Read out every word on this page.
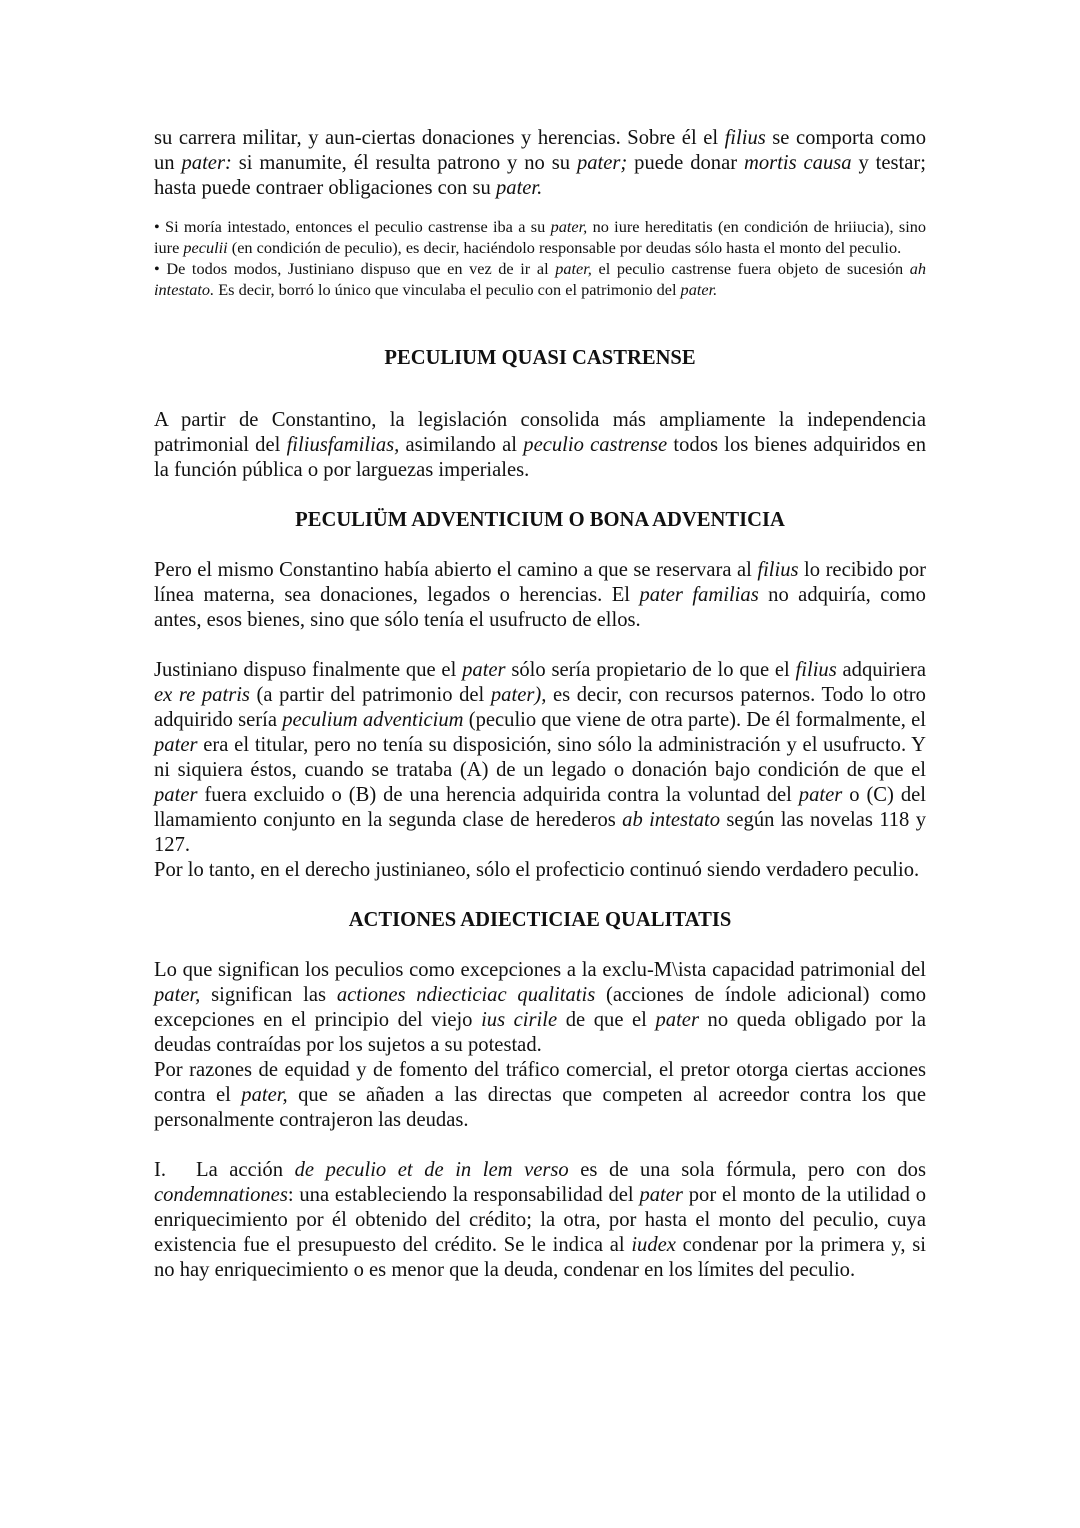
su carrera militar, y aun-ciertas donaciones y herencias. Sobre él el filius se comporta como un pater: si manumite, él resulta patrono y no su pater; puede donar mortis causa y testar; hasta puede contraer obligaciones con su pater.

• Si moría intestado, entonces el peculio castrense iba a su pater, no iure hereditatis (en condición de hriiucia), sino iure peculii (en condición de peculio), es decir, haciéndolo responsable por deudas sólo hasta el monto del peculio.

• De todos modos, Justiniano dispuso que en vez de ir al pater, el peculio castrense fuera objeto de sucesión ah intestato. Es decir, borró lo único que vinculaba el peculio con el patrimonio del pater.

PECULIUM QUASI CASTRENSE

A partir de Constantino, la legislación consolida más ampliamente la independencia patrimonial del filiusfamilias, asimilando al peculio castrense todos los bienes adquiridos en la función pública o por larguezas imperiales.

PECULIÜM ADVENTICIUM O BONA ADVENTICIA

Pero el mismo Constantino había abierto el camino a que se reservara al filius lo recibido por línea materna, sea donaciones, legados o herencias. El pater familias no adquiría, como antes, esos bienes, sino que sólo tenía el usufructo de ellos.

Justiniano dispuso finalmente que el pater sólo sería propietario de lo que el filius adquiriera ex re patris (a partir del patrimonio del pater), es decir, con recursos paternos. Todo lo otro adquirido sería peculium adventicium (peculio que viene de otra parte). De él formalmente, el pater era el titular, pero no tenía su disposición, sino sólo la administración y el usufructo. Y ni siquiera éstos, cuando se trataba (A) de un legado o donación bajo condición de que el pater fuera excluido o (B) de una herencia adquirida contra la voluntad del pater o (C) del llamamiento conjunto en la segunda clase de herederos ab intestato según las novelas 118 y 127.

Por lo tanto, en el derecho justinianeo, sólo el profecticio continuó siendo verdadero peculio.

ACTIONES ADIECTICIAE QUALITATIS

Lo que significan los peculios como excepciones a la exclu-M\ista capacidad patrimonial del pater, significan las actiones ndiecticiac qualitatis (acciones de índole adicional) como excepciones en el principio del viejo ius cirile de que el pater no queda obligado por la deudas contraídas por los sujetos a su potestad.

Por razones de equidad y de fomento del tráfico comercial, el pretor otorga ciertas acciones contra el pater, que se añaden a las directas que competen al acreedor contra los que personalmente contrajeron las deudas.

I. La acción de peculio et de in lem verso es de una sola fórmula, pero con dos condemnationes: una estableciendo la responsabilidad del pater por el monto de la utilidad o enriquecimiento por él obtenido del crédito; la otra, por hasta el monto del peculio, cuya existencia fue el presupuesto del crédito. Se le indica al iudex condenar por la primera y, si no hay enriquecimiento o es menor que la deuda, condenar en los límites del peculio.
